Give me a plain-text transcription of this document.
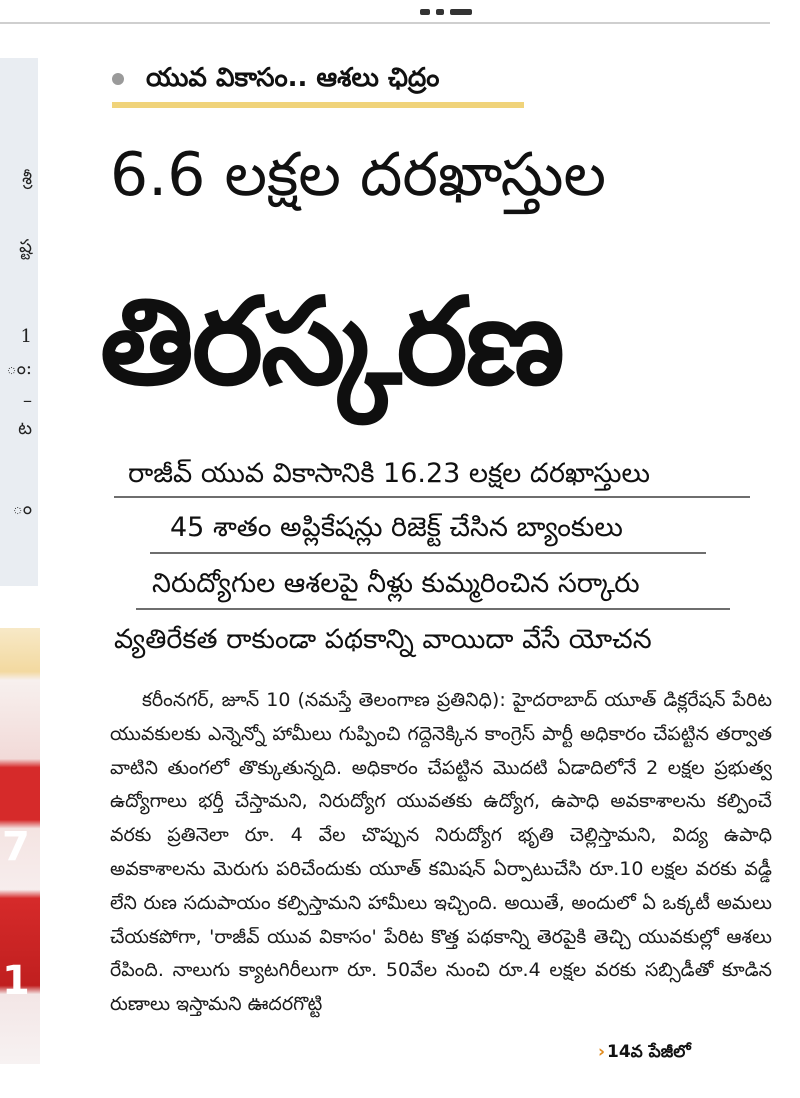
శ్రీ
ష్ట
1
ం:
–
ట
ం
7
1
యువ వికాసం.. ఆశలు ఛిద్రం
6.6 లక్షల దరఖాస్తుల
తిరస్కరణ
రాజీవ్ యువ వికాసానికి 16.23 లక్షల దరఖాస్తులు
45 శాతం అప్లికేషన్లు రిజెక్ట్ చేసిన బ్యాంకులు
నిరుద్యోగుల ఆశలపై నీళ్లు కుమ్మరించిన సర్కారు
వ్యతిరేకత రాకుండా పథకాన్ని వాయిదా వేసే యోచన

కరీంనగర్, జూన్ 10 (నమస్తే తెలంగాణ ప్రతినిధి): హైదరాబాద్ యూత్ డిక్లరేషన్ పేరిట యువకులకు ఎన్నెన్నో హామీలు గుప్పించి గద్దెనెక్కిన కాంగ్రెస్ పార్టీ అధికారం చేపట్టిన తర్వాత వాటిని తుంగలో తొక్కుతున్నది. అధికారం చేపట్టిన మొదటి ఏడాదిలోనే 2 లక్షల ప్రభుత్వ ఉద్యోగాలు భర్తీ చేస్తామని, నిరుద్యోగ యువతకు ఉద్యోగ, ఉపాధి అవకాశాలను కల్పించే వరకు ప్రతినెలా రూ. 4 వేల చొప్పున నిరుద్యోగ భృతి చెల్లిస్తామని, విద్య ఉపాధి అవకాశాలను మెరుగు పరిచేందుకు యూత్ కమిషన్ ఏర్పాటుచేసి రూ.10 లక్షల వరకు వడ్డీ లేని రుణ సదుపాయం కల్పిస్తామని హామీలు ఇచ్చింది. అయితే, అందులో ఏ ఒక్కటీ అమలు చేయకపోగా, 'రాజీవ్ యువ వికాసం' పేరిట కొత్త పథకాన్ని తెరపైకి తెచ్చి యువకుల్లో ఆశలు రేపింది. నాలుగు క్యాటగిరీలుగా రూ. 50వేల నుంచి రూ.4 లక్షల వరకు సబ్సిడీతో కూడిన రుణాలు ఇస్తామని ఊదరగొట్టి

› 14వ పేజీలో
